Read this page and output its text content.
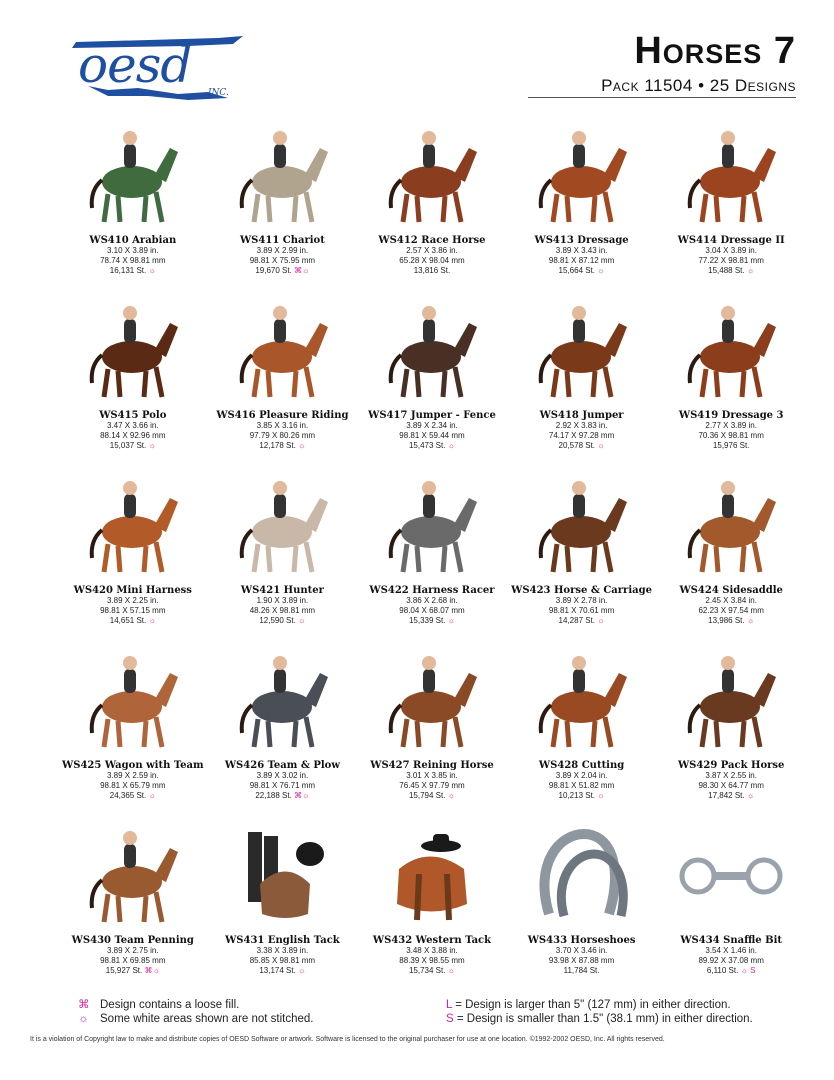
oesd INC.
Horses 7
Pack 11504 • 25 Designs
WS410 Arabian
3.10 X 3.89 in.
78.74 X 98.81 mm
16,131 St. ☼
WS411 Chariot
3.89 X 2.99 in.
98.81 X 75.95 mm
19,670 St. ⌘☼
WS412 Race Horse
2.57 X 3.86 in.
65.28 X 98.04 mm
13,816 St.
WS413 Dressage
3.89 X 3.43 in.
98.81 X 87.12 mm
15,664 St. ☼
WS414 Dressage II
3.04 X 3.89 in.
77.22 X 98.81 mm
15,488 St. ☼
WS415 Polo
3.47 X 3.66 in.
88.14 X 92.96 mm
15,037 St. ☼
WS416 Pleasure Riding
3.85 X 3.16 in.
97.79 X 80.26 mm
12,178 St. ☼
WS417 Jumper - Fence
3.89 X 2.34 in.
98.81 X 59.44 mm
15,473 St. ☼
WS418 Jumper
2.92 X 3.83 in.
74.17 X 97.28 mm
20,578 St. ☼
WS419 Dressage 3
2.77 X 3.89 in.
70.36 X 98.81 mm
15,976 St.
WS420 Mini Harness
3.89 X 2.25 in.
98.81 X 57.15 mm
14,651 St. ☼
WS421 Hunter
1.90 X 3.89 in.
48.26 X 98.81 mm
12,590 St. ☼
WS422 Harness Racer
3.86 X 2.68 in.
98.04 X 68.07 mm
15,339 St. ☼
WS423 Horse & Carriage
3.89 X 2.78 in.
98.81 X 70.61 mm
14,287 St. ☼
WS424 Sidesaddle
2.45 X 3.84 in.
62.23 X 97.54 mm
13,986 St. ☼
WS425 Wagon with Team
3.89 X 2.59 in.
98.81 X 65.79 mm
24,365 St. ☼
WS426 Team & Plow
3.89 X 3.02 in.
98.81 X 76.71 mm
22,188 St. ⌘☼
WS427 Reining Horse
3.01 X 3.85 in.
76.45 X 97.79 mm
15,794 St. ☼
WS428 Cutting
3.89 X 2.04 in.
98.81 X 51.82 mm
10,213 St. ☼
WS429 Pack Horse
3.87 X 2.55 in.
98.30 X 64.77 mm
17,842 St. ☼
WS430 Team Penning
3.89 X 2.75 in.
98.81 X 69.85 mm
15,927 St. ⌘☼
WS431 English Tack
3.38 X 3.89 in.
85.85 X 98.81 mm
13,174 St. ☼
WS432 Western Tack
3.48 X 3.88 in.
88.39 X 98.55 mm
15,734 St. ☼
WS433 Horseshoes
3.70 X 3.46 in.
93.98 X 87.88 mm
11,784 St.
WS434 Snaffle Bit
3.54 X 1.46 in.
89.92 X 37.08 mm
6,110 St. ☼ S
⌘ Design contains a loose fill.
☼ Some white areas shown are not stitched.
L = Design is larger than 5" (127 mm) in either direction.
S = Design is smaller than 1.5" (38.1 mm) in either direction.
It is a violation of Copyright law to make and distribute copies of OESD Software or artwork. Software is licensed to the original purchaser for use at one location. ©1992-2002 OESD, Inc. All rights reserved.
